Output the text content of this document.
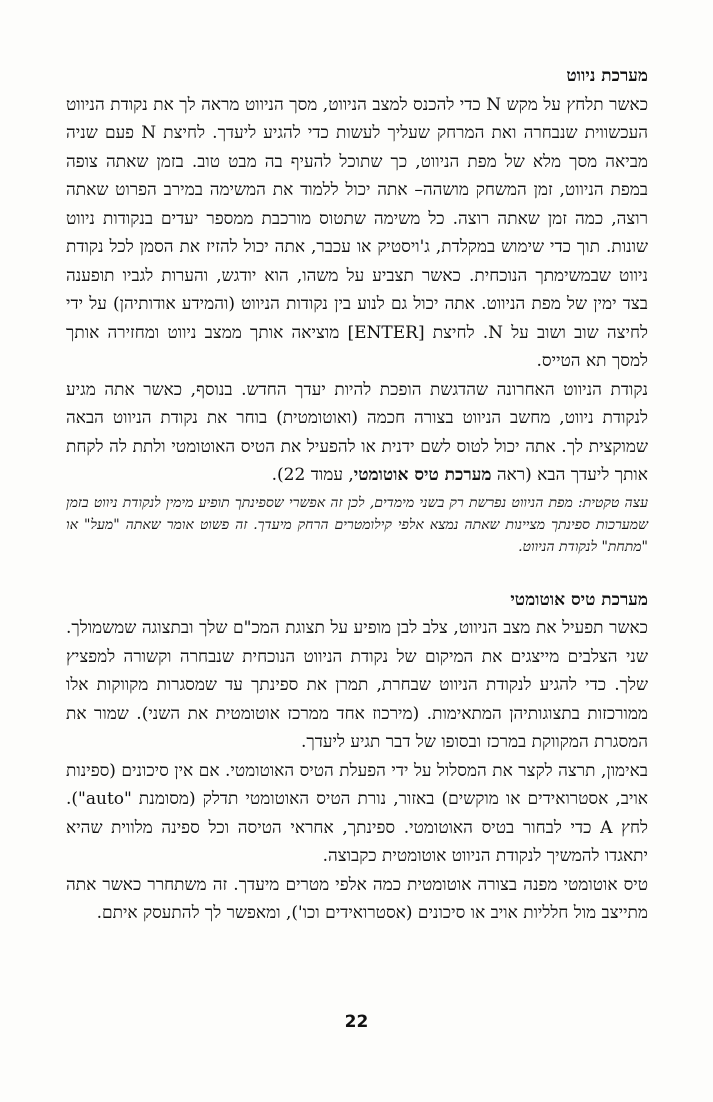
מערכת ניווט

כאשר תלחץ על מקש N כדי להכנס למצב הניווט, מסך הניווט מראה לך את נקודת הניווט העכשווית שנבחרה ואת המרחק שעליך לעשות כדי להגיע ליעדך. לחיצת N פעם שניה מביאה מסך מלא של מפת הניווט, כך שתוכל להעיף בה מבט טוב. בזמן שאתה צופה במפת הניווט, זמן המשחק מושהה– אתה יכול ללמוד את המשימה במירב הפרוט שאתה רוצה, כמה זמן שאתה רוצה. כל משימה שתטוס מורכבת ממספר יעדים בנקודות ניווט שונות. תוך כדי שימוש במקלדת, ג'ויסטיק או עכבר, אתה יכול להזיז את הסמן לכל נקודת ניווט שבמשימתך הנוכחית. כאשר תצביע על משהו, הוא יודגש, והערות לגביו תופענה בצד ימין של מפת הניווט. אתה יכול גם לנוע בין נקודות הניווט (והמידע אודותיהן) על ידי לחיצה שוב ושוב על N. לחיצת [ENTER] מוציאה אותך ממצב ניווט ומחזירה אותך למסך תא הטייס.

נקודת הניווט האחרונה שהדגשת הופכת להיות יעדך החדש. בנוסף, כאשר אתה מגיע לנקודת ניווט, מחשב הניווט בצורה חכמה (ואוטומטית) בוחר את נקודת הניווט הבאה שמוקצית לך. אתה יכול לטוס לשם ידנית או להפעיל את הטיס האוטומטי ולתת לה לקחת אותך ליעדך הבא (ראה מערכת טיס אוטומטי, עמוד 22).

עצה טקטית: מפת הניווט נפרשת רק בשני מימדים, לכן זה אפשרי שספינתך תופיע מימין לנקודת ניווט בזמן שמערכות ספינתך מציינות שאתה נמצא אלפי קילומטרים הרחק מיעדך. זה פשוט אומר שאתה "מעל" או "מתחת" לנקודת הניווט.

מערכת טיס אוטומטי

כאשר תפעיל את מצב הניווט, צלב לבן מופיע על תצוגת המכ"ם שלך ובתצוגה שמשמולך. שני הצלבים מייצגים את המיקום של נקודת הניווט הנוכחית שנבחרה וקשורה למפציץ שלך. כדי להגיע לנקודת הניווט שבחרת, תמרן את ספינתך עד שמסגרות מקווקות אלו ממורכזות בתצוגותיהן המתאימות. (מירכוז אחד ממרכז אוטומטית את השני). שמור את המסגרת המקווקת במרכז ובסופו של דבר תגיע ליעדך.

באימון, תרצה לקצר את המסלול על ידי הפעלת הטיס האוטומטי. אם אין סיכונים (ספינות אויב, אסטרואידים או מוקשים) באזור, נורת הטיס האוטומטי תדלק (מסומנת "auto"). לחץ A כדי לבחור בטיס האוטומטי. ספינתך, אחראי הטיסה וכל ספינה מלווית שהיא יתאגדו להמשיך לנקודת הניווט אוטומטית כקבוצה.

טיס אוטומטי מפנה בצורה אוטומטית כמה אלפי מטרים מיעדך. זה משתחרר כאשר אתה מתייצב מול חלליות אויב או סיכונים (אסטרואידים וכו'), ומאפשר לך להתעסק איתם.

22
